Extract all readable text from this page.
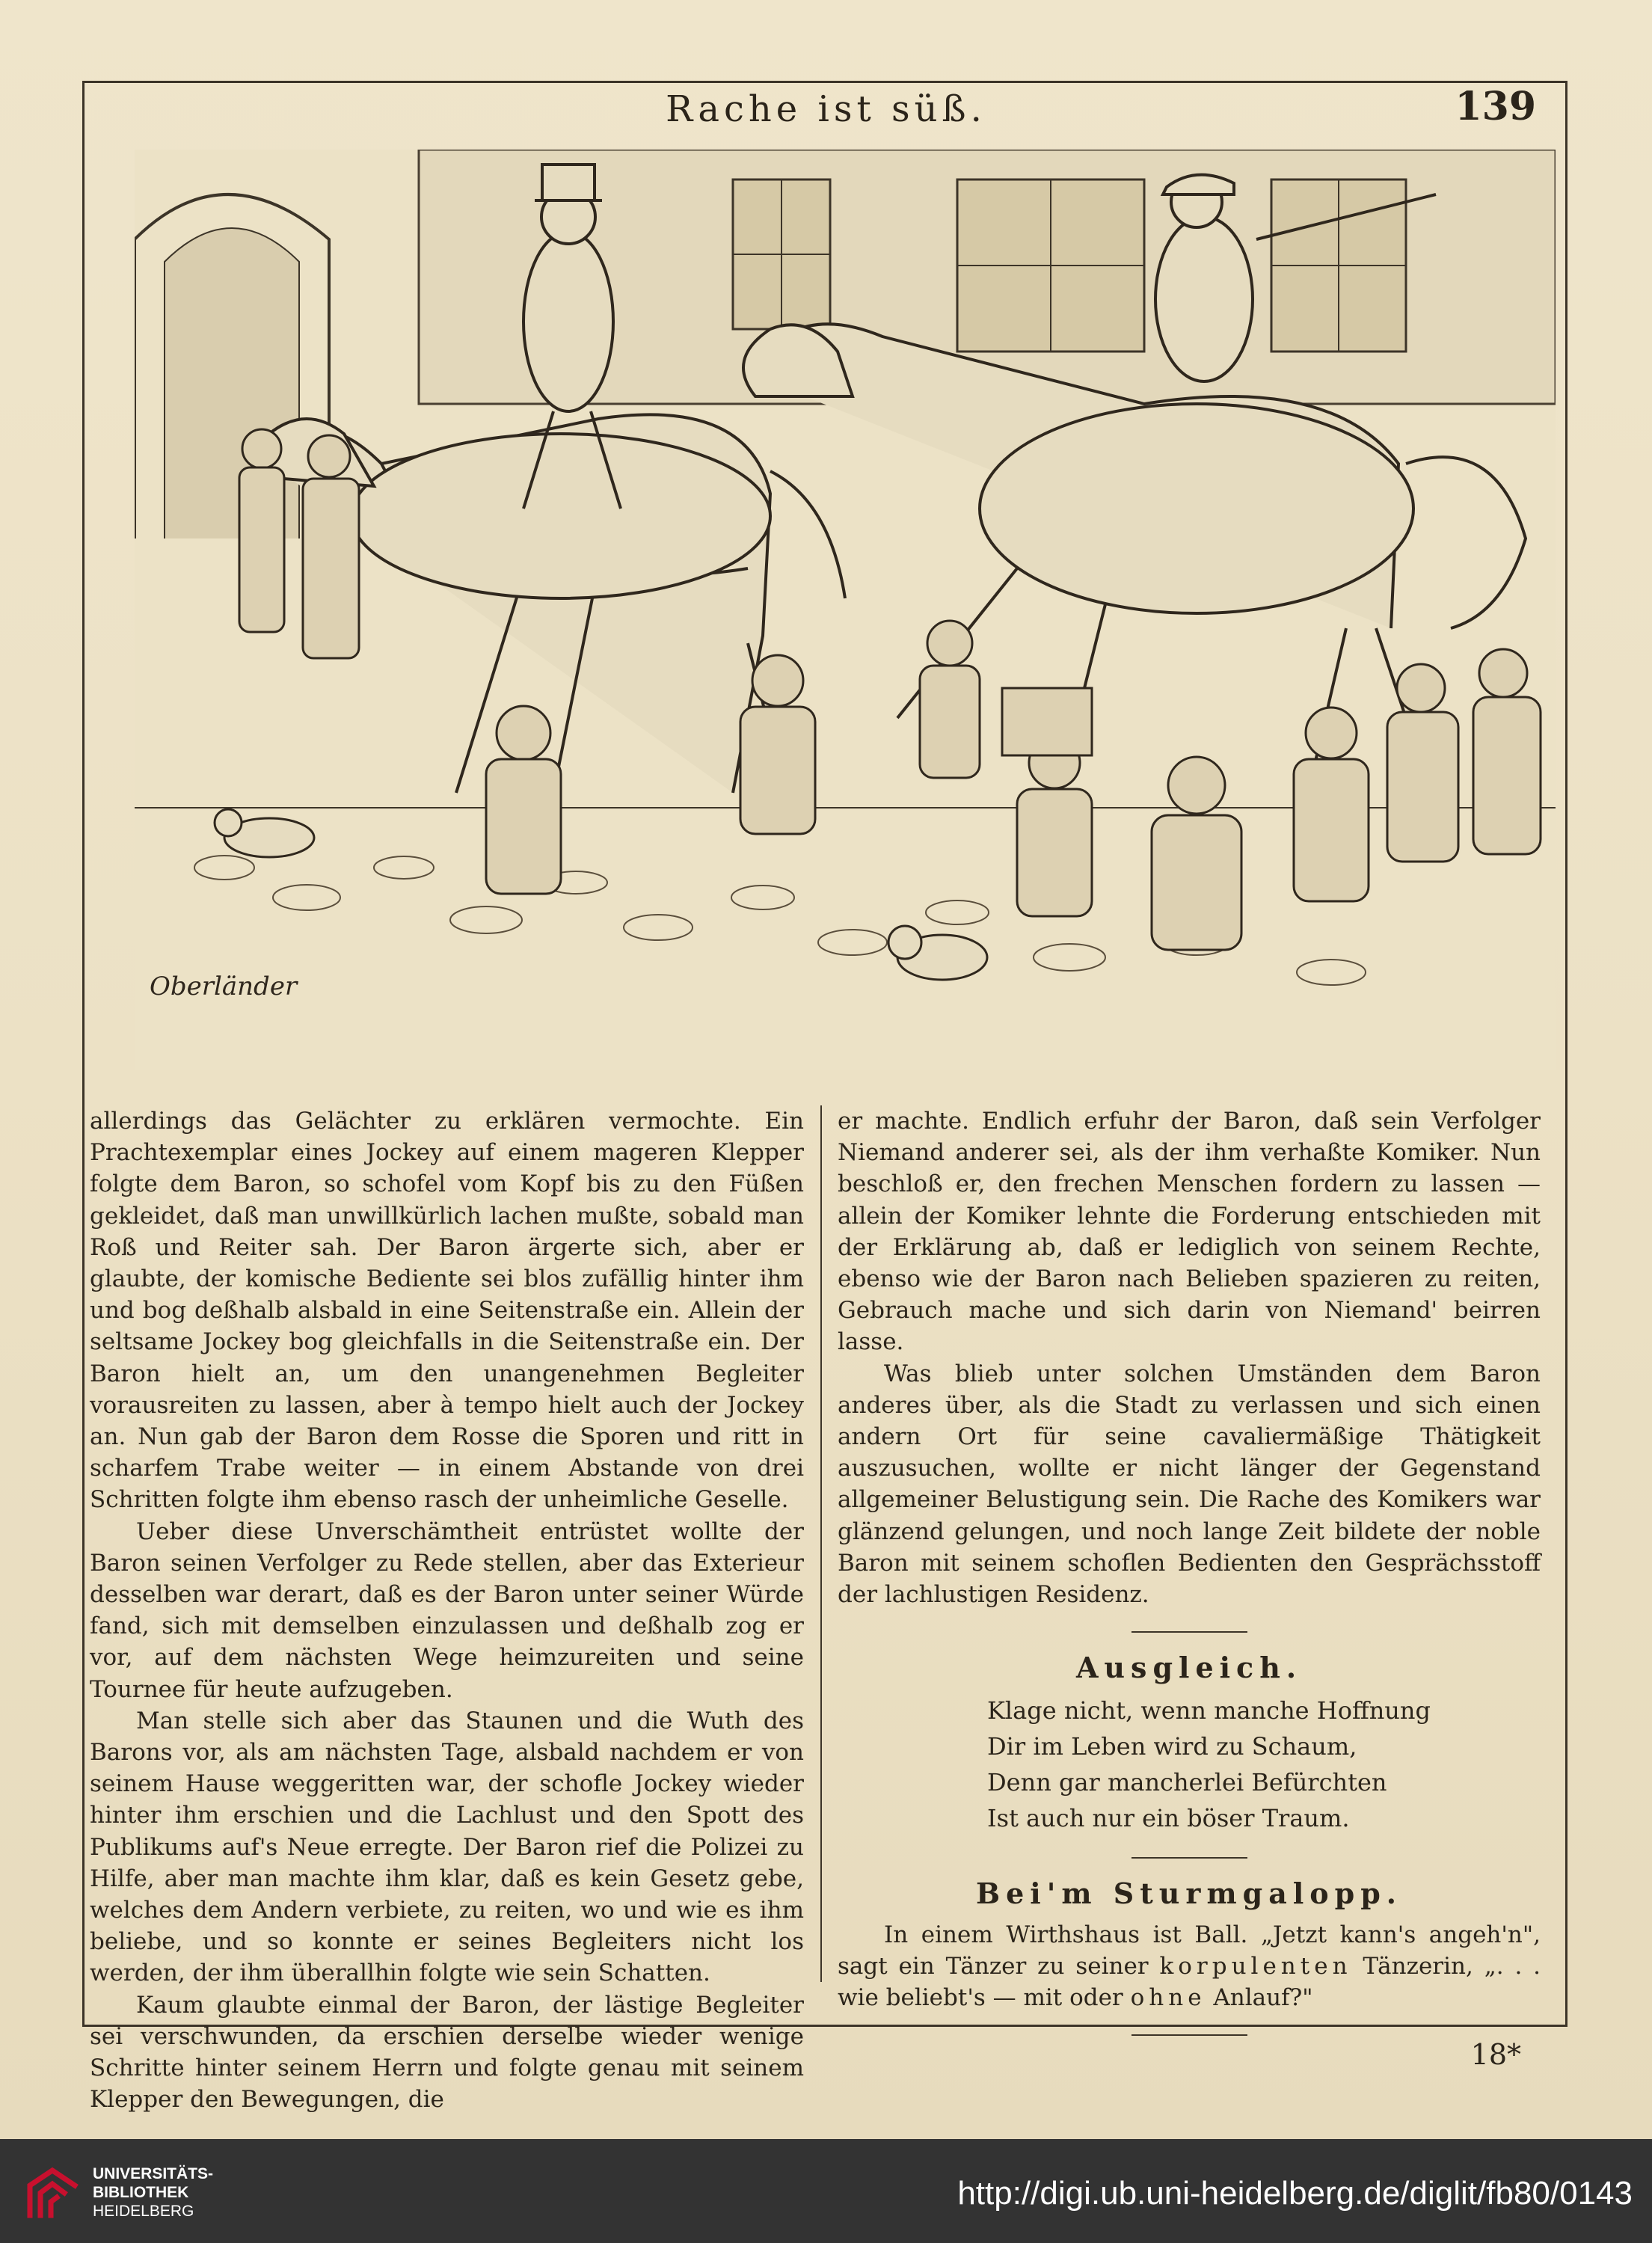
Rache ist süß.	139
Oberländer

allerdings das Gelächter zu erklären vermochte. Ein Prachtexemplar eines Jockey auf einem mageren Klepper folgte dem Baron, so schofel vom Kopf bis zu den Füßen gekleidet, daß man unwillkürlich lachen mußte, sobald man Roß und Reiter sah. Der Baron ärgerte sich, aber er glaubte, der komische Bediente sei blos zufällig hinter ihm und bog deßhalb alsbald in eine Seitenstraße ein. Allein der seltsame Jockey bog gleichfalls in die Seitenstraße ein. Der Baron hielt an, um den unangenehmen Begleiter vorausreiten zu lassen, aber à tempo hielt auch der Jockey an. Nun gab der Baron dem Rosse die Sporen und ritt in scharfem Trabe weiter — in einem Abstande von drei Schritten folgte ihm ebenso rasch der unheimliche Geselle.

Ueber diese Unverschämtheit entrüstet wollte der Baron seinen Verfolger zu Rede stellen, aber das Exterieur desselben war derart, daß es der Baron unter seiner Würde fand, sich mit demselben einzulassen und deßhalb zog er vor, auf dem nächsten Wege heimzureiten und seine Tournee für heute aufzugeben.

Man stelle sich aber das Staunen und die Wuth des Barons vor, als am nächsten Tage, alsbald nachdem er von seinem Hause weggeritten war, der schofle Jockey wieder hinter ihm erschien und die Lachlust und den Spott des Publikums auf's Neue erregte. Der Baron rief die Polizei zu Hilfe, aber man machte ihm klar, daß es kein Gesetz gebe, welches dem Andern verbiete, zu reiten, wo und wie es ihm beliebe, und so konnte er seines Begleiters nicht los werden, der ihm überallhin folgte wie sein Schatten.

Kaum glaubte einmal der Baron, der lästige Begleiter sei verschwunden, da erschien derselbe wieder wenige Schritte hinter seinem Herrn und folgte genau mit seinem Klepper den Bewegungen, die

er machte. Endlich erfuhr der Baron, daß sein Verfolger Niemand anderer sei, als der ihm verhaßte Komiker. Nun beschloß er, den frechen Menschen fordern zu lassen — allein der Komiker lehnte die Forderung entschieden mit der Erklärung ab, daß er lediglich von seinem Rechte, ebenso wie der Baron nach Belieben spazieren zu reiten, Gebrauch mache und sich darin von Niemand' beirren lasse.

Was blieb unter solchen Umständen dem Baron anderes über, als die Stadt zu verlassen und sich einen andern Ort für seine cavaliermäßige Thätigkeit auszusuchen, wollte er nicht länger der Gegenstand allgemeiner Belustigung sein. Die Rache des Komikers war glänzend gelungen, und noch lange Zeit bildete der noble Baron mit seinem schoflen Bedienten den Gesprächsstoff der lachlustigen Residenz.

Ausgleich.
Klage nicht, wenn manche Hoffnung
Dir im Leben wird zu Schaum,
Denn gar mancherlei Befürchten
Ist auch nur ein böser Traum.
Bei'm Sturmgalopp.

In einem Wirthshaus ist Ball. „Jetzt kann's angeh'n", sagt ein Tänzer zu seiner korpulenten Tänzerin, „. . . wie beliebt's — mit oder ohne Anlauf?"

18*
UNIVERSITÄTS-
BIBLIOTHEK
HEIDELBERG	http://digi.ub.uni-heidelberg.de/diglit/fb80/0143
